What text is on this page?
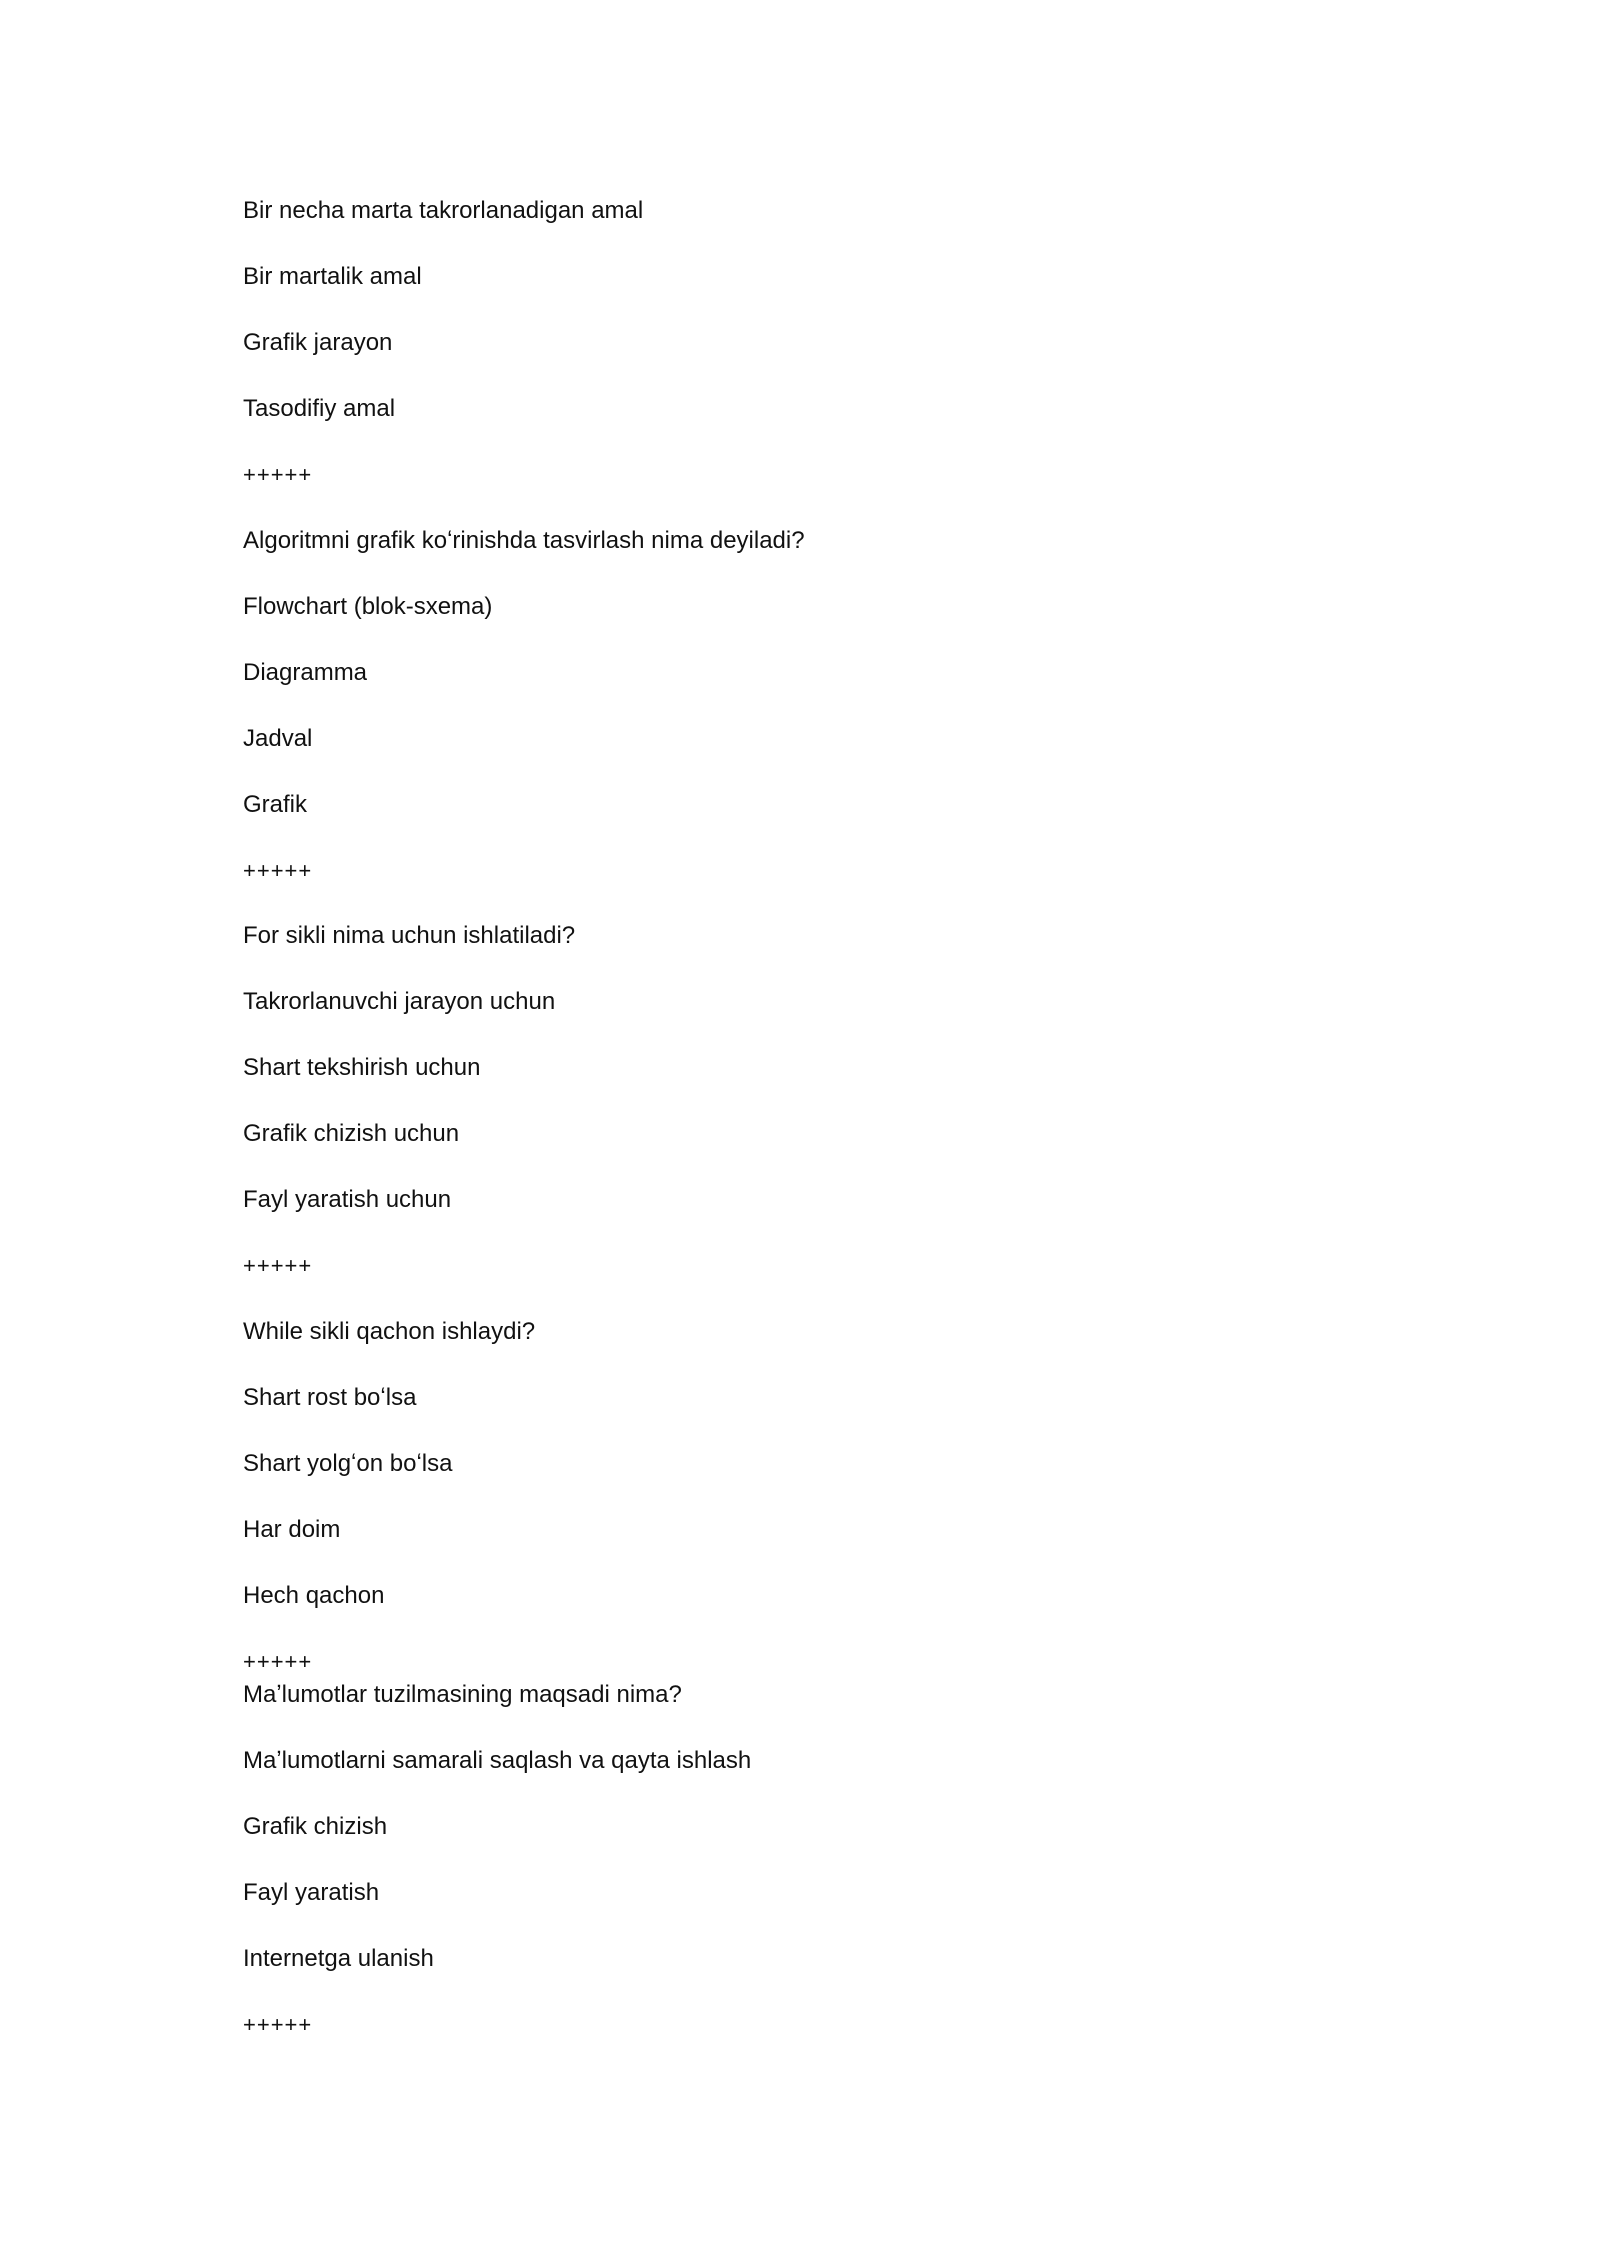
Bir necha marta takrorlanadigan amal
Bir martalik amal
Grafik jarayon
Tasodifiy amal
+++++
Algoritmni grafik koʻrinishda tasvirlash nima deyiladi?
Flowchart (blok-sxema)
Diagramma
Jadval
Grafik
+++++
For sikli nima uchun ishlatiladi?
Takrorlanuvchi jarayon uchun
Shart tekshirish uchun
Grafik chizish uchun
Fayl yaratish uchun
+++++
While sikli qachon ishlaydi?
Shart rost boʻlsa
Shart yolgʻon boʻlsa
Har doim
Hech qachon
+++++
Maʼlumotlar tuzilmasining maqsadi nima?
Maʼlumotlarni samarali saqlash va qayta ishlash
Grafik chizish
Fayl yaratish
Internetga ulanish
+++++
